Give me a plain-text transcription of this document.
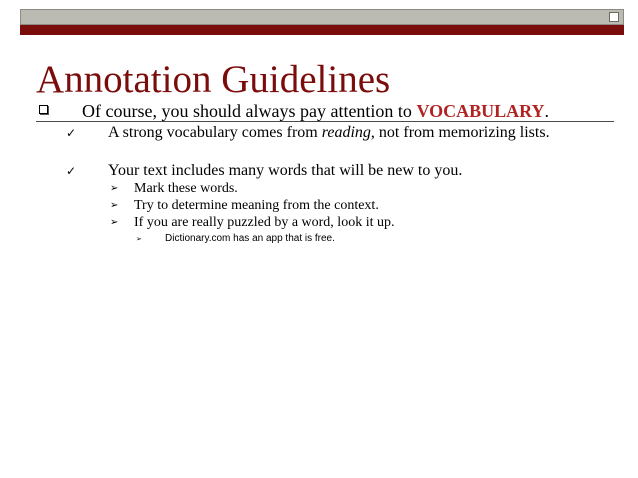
Annotation Guidelines
Of course, you should always pay attention to VOCABULARY.
✓ A strong vocabulary comes from reading, not from memorizing lists.
✓ Your text includes many words that will be new to you.
➢ Mark these words.
➢ Try to determine meaning from the context.
➢ If you are really puzzled by a word, look it up.
➢ Dictionary.com has an app that is free.
